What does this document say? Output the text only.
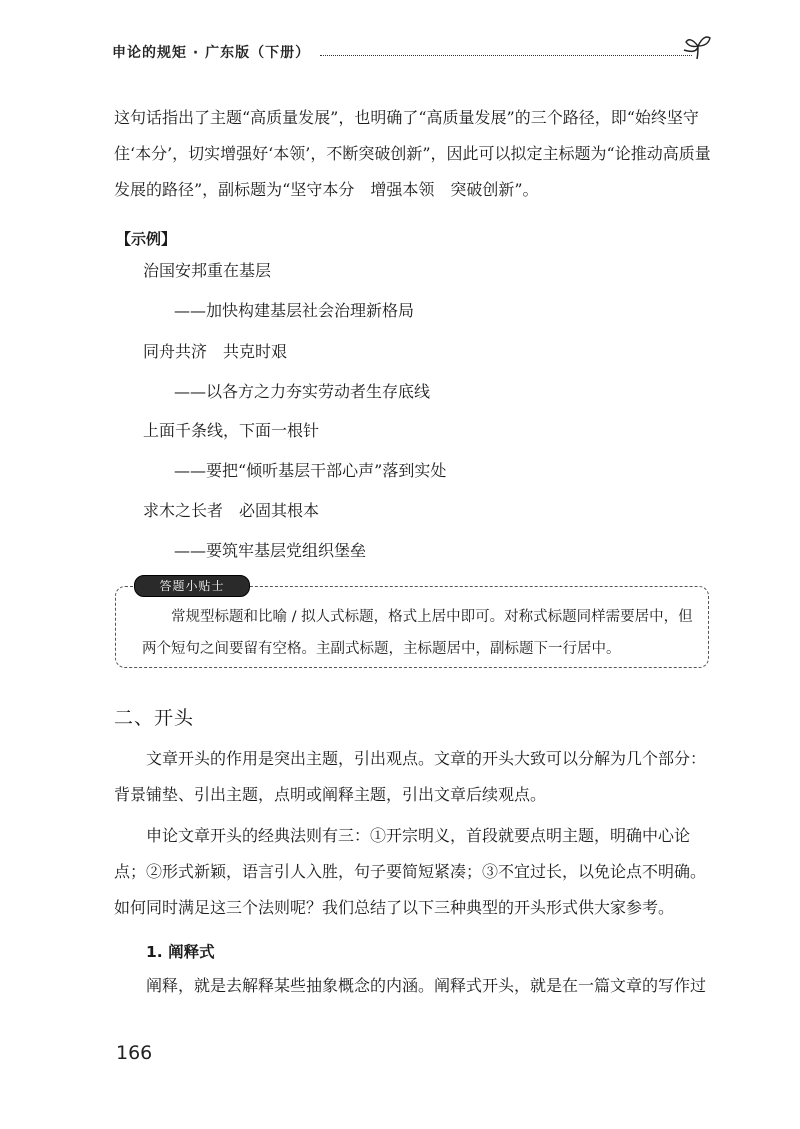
申论的规矩 · 广东版（下册）

这句话指出了主题“高质量发展”，也明确了“高质量发展”的三个路径，即“始终坚守住‘本分’，切实增强好‘本领’，不断突破创新”，因此可以拟定主标题为“论推动高质量发展的路径”，副标题为“坚守本分　增强本领　突破创新”。

【示例】
治国安邦重在基层
——加快构建基层社会治理新格局
同舟共济　共克时艰
——以各方之力夯实劳动者生存底线
上面千条线，下面一根针
——要把“倾听基层干部心声”落到实处
求木之长者　必固其根本
——要筑牢基层党组织堡垒
答题小贴士

常规型标题和比喻 / 拟人式标题，格式上居中即可。对称式标题同样需要居中，但两个短句之间要留有空格。主副式标题，主标题居中，副标题下一行居中。

二、开头

文章开头的作用是突出主题，引出观点。文章的开头大致可以分解为几个部分：背景铺垫、引出主题，点明或阐释主题，引出文章后续观点。

申论文章开头的经典法则有三：①开宗明义，首段就要点明主题，明确中心论点；②形式新颖，语言引人入胜，句子要简短紧凑；③不宜过长，以免论点不明确。如何同时满足这三个法则呢？我们总结了以下三种典型的开头形式供大家参考。

1. 阐释式

阐释，就是去解释某些抽象概念的内涵。阐释式开头，就是在一篇文章的写作过

166
